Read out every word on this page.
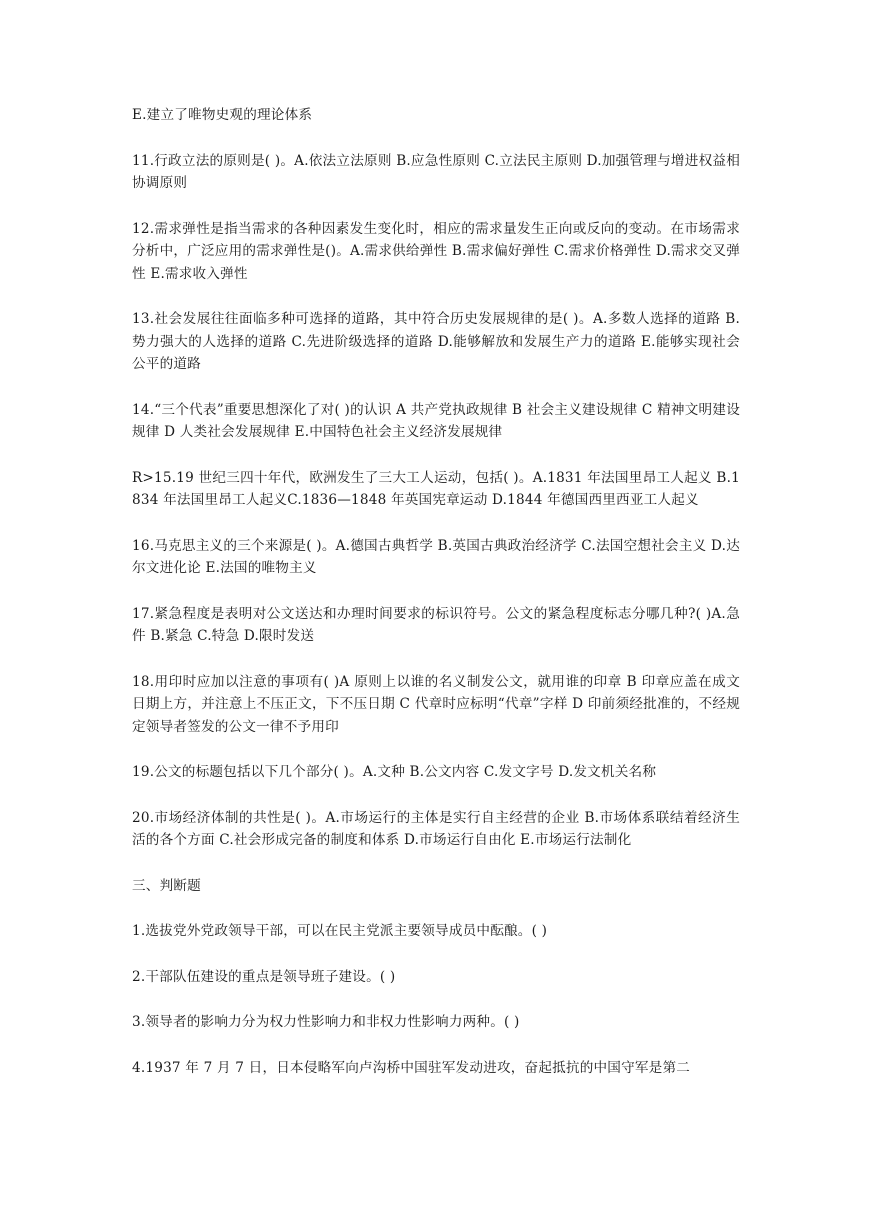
E.建立了唯物史观的理论体系

11.行政立法的原则是( )。A.依法立法原则 B.应急性原则 C.立法民主原则 D.加强管理与增进权益相协调原则

12.需求弹性是指当需求的各种因素发生变化时，相应的需求量发生正向或反向的变动。在市场需求分析中，广泛应用的需求弹性是()。A.需求供给弹性 B.需求偏好弹性 C.需求价格弹性 D.需求交叉弹性 E.需求收入弹性

13.社会发展往往面临多种可选择的道路，其中符合历史发展规律的是( )。A.多数人选择的道路 B.势力强大的人选择的道路 C.先进阶级选择的道路 D.能够解放和发展生产力的道路 E.能够实现社会公平的道路

14.“三个代表”重要思想深化了对( )的认识 A 共产党执政规律 B 社会主义建设规律 C 精神文明建设规律 D 人类社会发展规律 E.中国特色社会主义经济发展规律

R>15.19 世纪三四十年代，欧洲发生了三大工人运动，包括( )。A.1831 年法国里昂工人起义 B.1834 年法国里昂工人起义C.1836—1848 年英国宪章运动 D.1844 年德国西里西亚工人起义

16.马克思主义的三个来源是( )。A.德国古典哲学 B.英国古典政治经济学 C.法国空想社会主义 D.达尔文进化论 E.法国的唯物主义

17.紧急程度是表明对公文送达和办理时间要求的标识符号。公文的紧急程度标志分哪几种?( )A.急件 B.紧急 C.特急 D.限时发送

18.用印时应加以注意的事项有( )A 原则上以谁的名义制发公文，就用谁的印章 B 印章应盖在成文日期上方，并注意上不压正文，下不压日期 C 代章时应标明“代章”字样 D 印前须经批准的，不经规定领导者签发的公文一律不予用印

19.公文的标题包括以下几个部分( )。A.文种 B.公文内容 C.发文字号 D.发文机关名称

20.市场经济体制的共性是( )。A.市场运行的主体是实行自主经营的企业 B.市场体系联结着经济生活的各个方面 C.社会形成完备的制度和体系 D.市场运行自由化 E.市场运行法制化

三、判断题

1.选拔党外党政领导干部，可以在民主党派主要领导成员中酝酿。( )

2.干部队伍建设的重点是领导班子建设。( )

3.领导者的影响力分为权力性影响力和非权力性影响力两种。( )

4.1937 年 7 月 7 日，日本侵略军向卢沟桥中国驻军发动进攻，奋起抵抗的中国守军是第二
